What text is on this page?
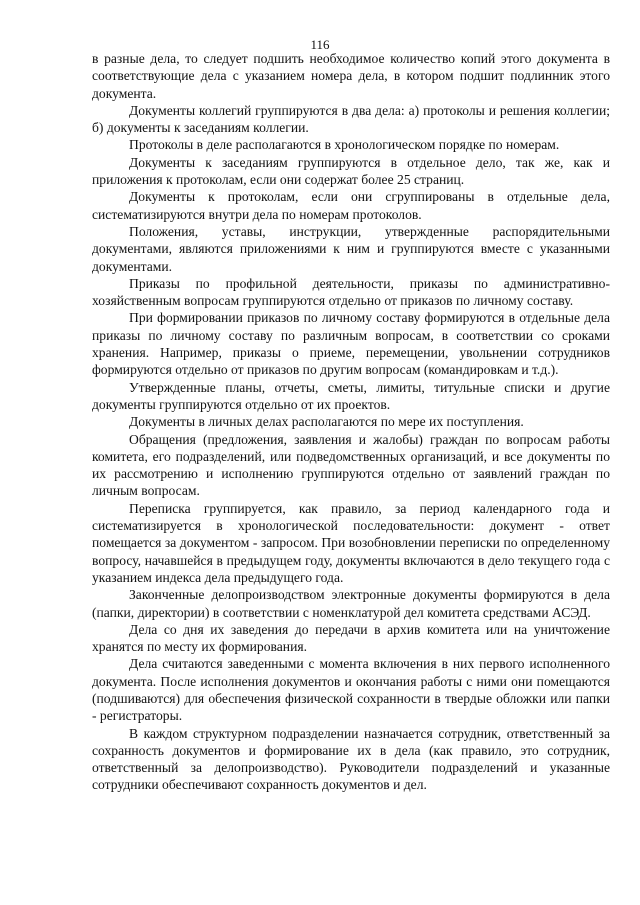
116

в разные дела, то следует подшить необходимое количество копий этого документа в соответствующие дела с указанием номера дела, в котором подшит подлинник этого документа.

Документы коллегий группируются в два дела: а) протоколы и решения коллегии; б) документы к заседаниям коллегии.

Протоколы в деле располагаются в хронологическом порядке по номерам.

Документы к заседаниям группируются в отдельное дело, так же, как и приложения к протоколам, если они содержат более 25 страниц.

Документы к протоколам, если они сгруппированы в отдельные дела, систематизируются внутри дела по номерам протоколов.

Положения, уставы, инструкции, утвержденные распорядительными документами, являются приложениями к ним и группируются вместе с указанными документами.

Приказы по профильной деятельности, приказы по административно-хозяйственным вопросам группируются отдельно от приказов по личному составу.

При формировании приказов по личному составу формируются в отдельные дела приказы по личному составу по различным вопросам, в соответствии со сроками хранения. Например, приказы о приеме, перемещении, увольнении сотрудников формируются отдельно от приказов по другим вопросам (командировкам и т.д.).

Утвержденные планы, отчеты, сметы, лимиты, титульные списки и другие документы группируются отдельно от их проектов.

Документы в личных делах располагаются по мере их поступления.

Обращения (предложения, заявления и жалобы) граждан по вопросам работы комитета, его подразделений, или подведомственных организаций, и все документы по их рассмотрению и исполнению группируются отдельно от заявлений граждан по личным вопросам.

Переписка группируется, как правило, за период календарного года и систематизируется в хронологической последовательности: документ - ответ помещается за документом - запросом. При возобновлении переписки по определенному вопросу, начавшейся в предыдущем году, документы включаются в дело текущего года с указанием индекса дела предыдущего года.

Законченные делопроизводством электронные документы формируются в дела (папки, директории) в соответствии с номенклатурой дел комитета средствами АСЭД.

Дела со дня их заведения до передачи в архив комитета или на уничтожение хранятся по месту их формирования.

Дела считаются заведенными с момента включения в них первого исполненного документа. После исполнения документов и окончания работы с ними они помещаются (подшиваются) для обеспечения физической сохранности в твердые обложки или папки - регистраторы.

В каждом структурном подразделении назначается сотрудник, ответственный за сохранность документов и формирование их в дела (как правило, это сотрудник, ответственный за делопроизводство). Руководители подразделений и указанные сотрудники обеспечивают сохранность документов и дел.
